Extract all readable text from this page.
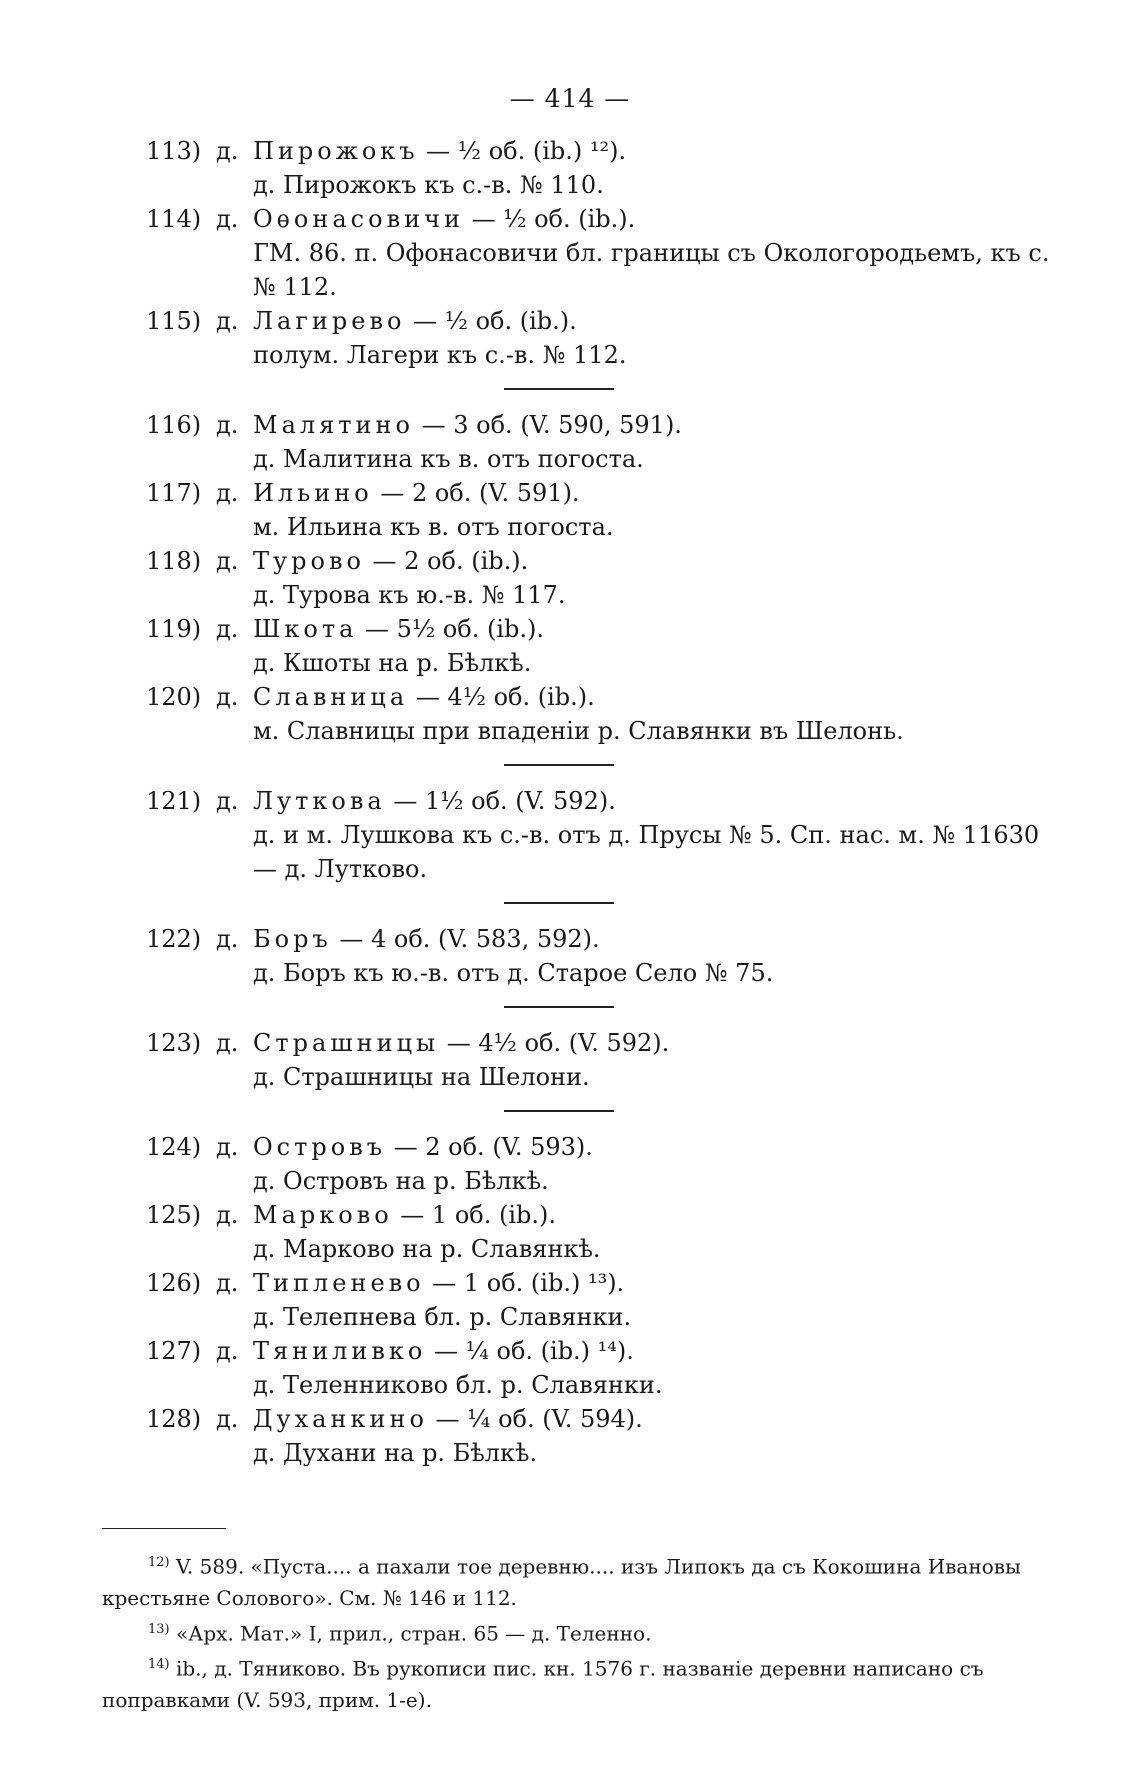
— 414 —
113) д. Пирожокъ — ½ об. (ib.) ¹²).
д. Пирожокъ къ с.-в. № 110.
114) д. Оѳонасовичи — ½ об. (ib.).
ГМ. 86. п. Офонасовичи бл. границы съ Окологородьемъ, къ с. № 112.
115) д. Лагирево — ½ об. (ib.).
полум. Лагери къ с.-в. № 112.
116) д. Малятино — 3 об. (V. 590, 591).
д. Малитина къ в. отъ погоста.
117) д. Ильино — 2 об. (V. 591).
м. Ильина къ в. отъ погоста.
118) д. Турово — 2 об. (ib.).
д. Турова къ ю.-в. № 117.
119) д. Шкота — 5½ об. (ib.).
д. Кшоты на р. Бѣлкѣ.
120) д. Славница — 4½ об. (ib.).
м. Славницы при впаденіи р. Славянки въ Шелонь.
121) д. Луткова — 1½ об. (V. 592).
д. и м. Лушкова къ с.-в. отъ д. Прусы № 5. Сп. нас. м. № 11630 — д. Лутково.
122) д. Боръ — 4 об. (V. 583, 592).
д. Боръ къ ю.-в. отъ д. Старое Село № 75.
123) д. Страшницы — 4½ об. (V. 592).
д. Страшницы на Шелони.
124) д. Островъ — 2 об. (V. 593).
д. Островъ на р. Бѣлкѣ.
125) д. Марково — 1 об. (ib.).
д. Марково на р. Славянкѣ.
126) д. Типленево — 1 об. (ib.) ¹³).
д. Телепнева бл. р. Славянки.
127) д. Тяниливко — ¼ об. (ib.) ¹⁴).
д. Теленниково бл. р. Славянки.
128) д. Духанкино — ¼ об. (V. 594).
д. Духани на р. Бѣлкѣ.

$^{12)}$ V. 589. «Пуста.... а пахали тое деревню.... изъ Липокъ да съ Кокошина Ивановы крестьяне Солового». См. № 146 и 112.

$^{13)}$ «Арх. Мат.» I, прил., стран. 65 — д. Теленно.

$^{14)}$ ib., д. Тяниково. Въ рукописи пис. кн. 1576 г. названіе деревни написано съ поправками (V. 593, прим. 1-е).
